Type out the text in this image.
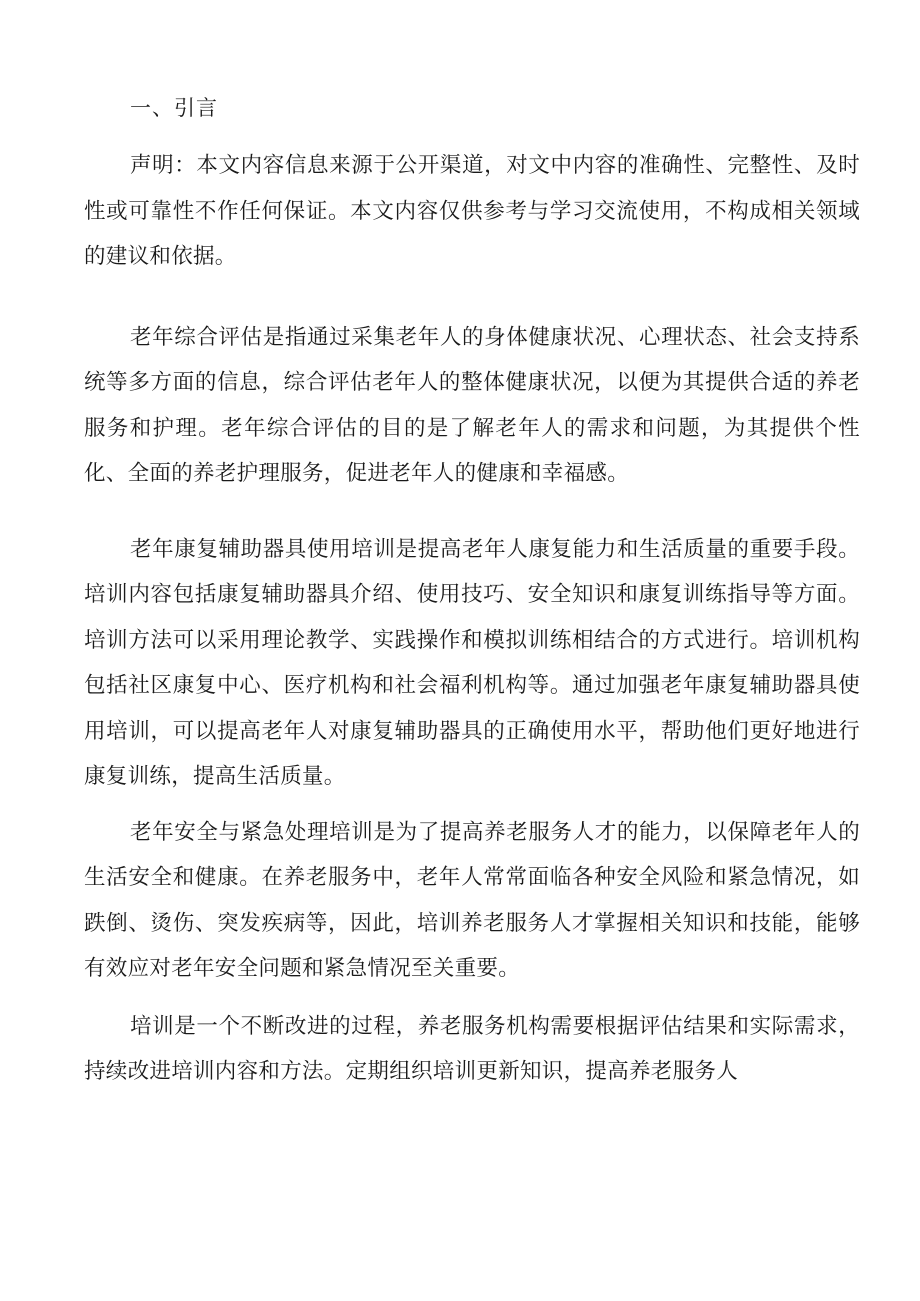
一、引言

声明：本文内容信息来源于公开渠道，对文中内容的准确性、完整性、及时性或可靠性不作任何保证。本文内容仅供参考与学习交流使用，不构成相关领域的建议和依据。

老年综合评估是指通过采集老年人的身体健康状况、心理状态、社会支持系统等多方面的信息，综合评估老年人的整体健康状况，以便为其提供合适的养老服务和护理。老年综合评估的目的是了解老年人的需求和问题，为其提供个性化、全面的养老护理服务，促进老年人的健康和幸福感。

老年康复辅助器具使用培训是提高老年人康复能力和生活质量的重要手段。培训内容包括康复辅助器具介绍、使用技巧、安全知识和康复训练指导等方面。培训方法可以采用理论教学、实践操作和模拟训练相结合的方式进行。培训机构包括社区康复中心、医疗机构和社会福利机构等。通过加强老年康复辅助器具使用培训，可以提高老年人对康复辅助器具的正确使用水平，帮助他们更好地进行康复训练，提高生活质量。

老年安全与紧急处理培训是为了提高养老服务人才的能力，以保障老年人的生活安全和健康。在养老服务中，老年人常常面临各种安全风险和紧急情况，如跌倒、烫伤、突发疾病等，因此，培训养老服务人才掌握相关知识和技能，能够有效应对老年安全问题和紧急情况至关重要。

培训是一个不断改进的过程，养老服务机构需要根据评估结果和实际需求，持续改进培训内容和方法。定期组织培训更新知识，提高养老服务人
